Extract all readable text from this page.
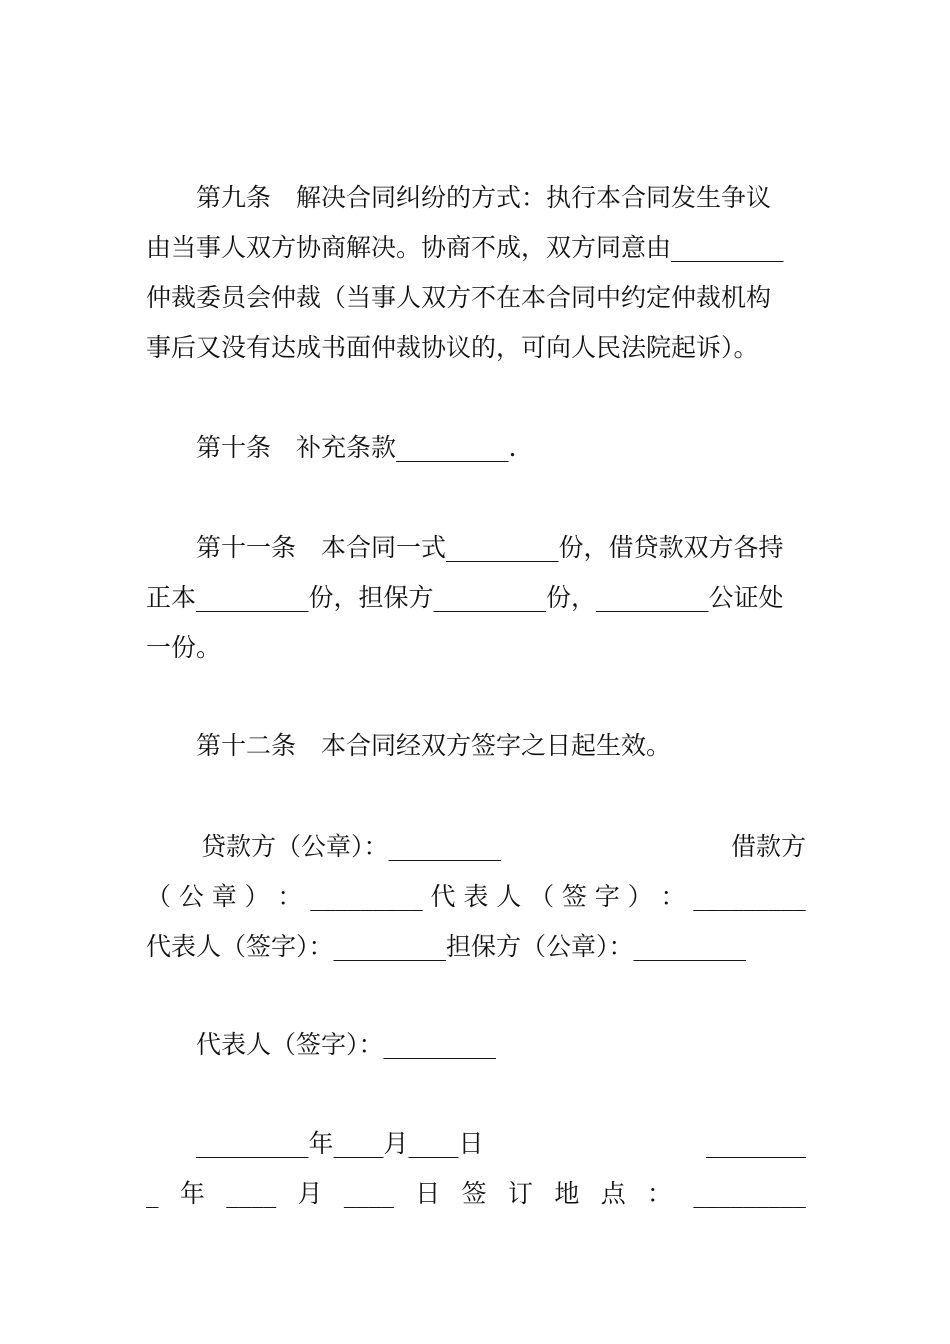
第九条　解决合同纠纷的方式：执行本合同发生争议
由当事人双方协商解决。协商不成，双方同意由_________
仲裁委员会仲裁（当事人双方不在本合同中约定仲裁机构
事后又没有达成书面仲裁协议的，可向人民法院起诉）。
第十条　补充条款_________.
第十一条　本合同一式_________份，借贷款双方各持
正本_________份，担保方_________份，_________公证处
一份。
第十二条　本合同经双方签字之日起生效。
贷款方（公章）：_________	借款方
（ 公 章 ） ： _________ 代 表 人 （ 签 字 ） ： _________
代表人（签字）：_________担保方（公章）：_________
代表人（签字）：_________
_________年____月____日	________
_ 年 ____ 月 ____ 日 签 订 地 点 ： _________
